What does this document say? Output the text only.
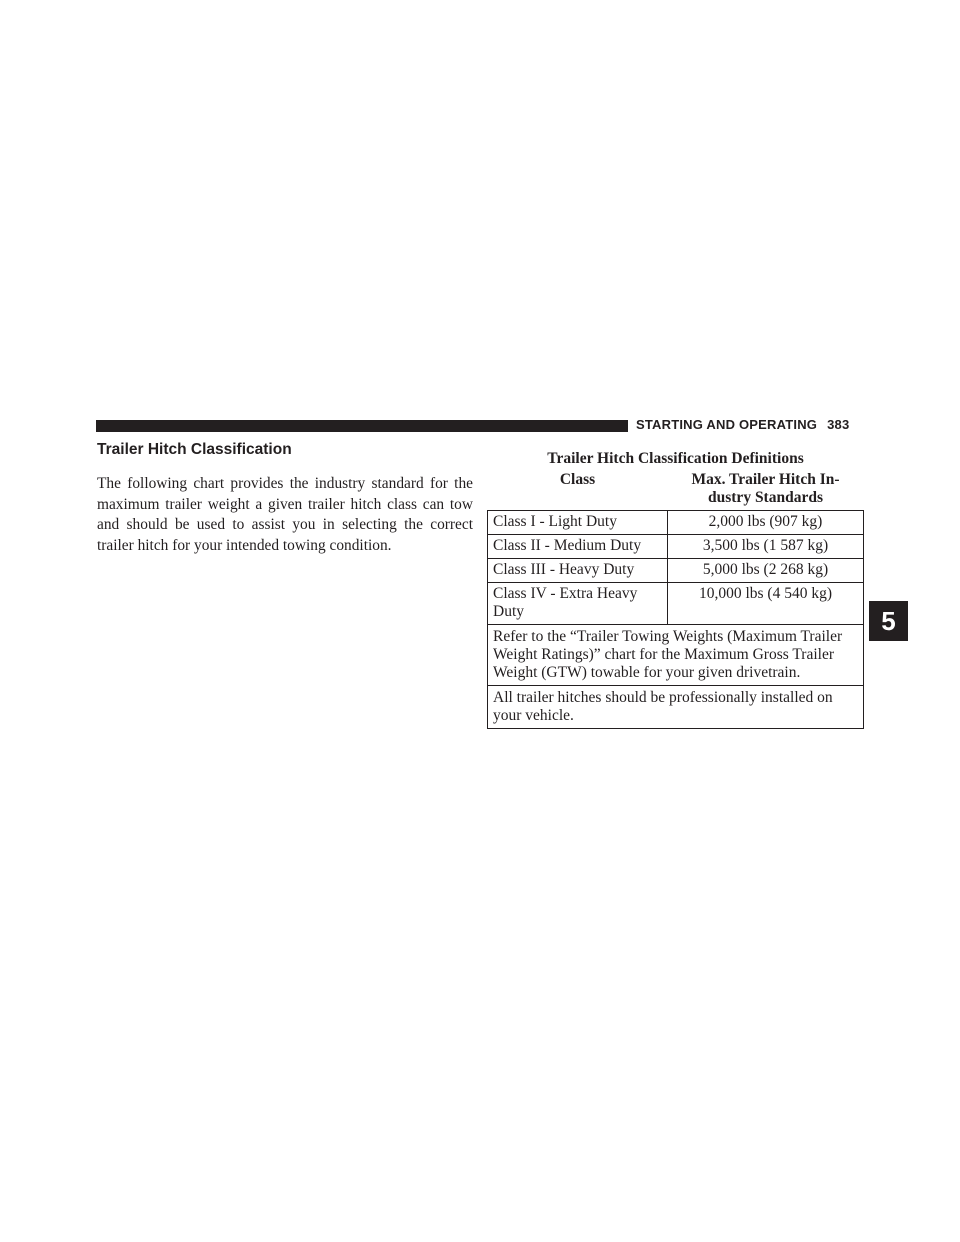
STARTING AND OPERATING 383
Trailer Hitch Classification

The following chart provides the industry standard for the maximum trailer weight a given trailer hitch class can tow and should be used to assist you in selecting the correct trailer hitch for your intended towing condition.

Trailer Hitch Classification Definitions
Class	Max. Trailer Hitch In- dustry Standards
Class I - Light Duty	2,000 lbs (907 kg)
Class II - Medium Duty	3,500 lbs (1 587 kg)
Class III - Heavy Duty	5,000 lbs (2 268 kg)
Class IV - Extra Heavy Duty	10,000 lbs (4 540 kg)
Refer to the “Trailer Towing Weights (Maximum Trailer Weight Ratings)” chart for the Maximum Gross Trailer Weight (GTW) towable for your given drivetrain.	
All trailer hitches should be professionally installed on your vehicle.	
5
